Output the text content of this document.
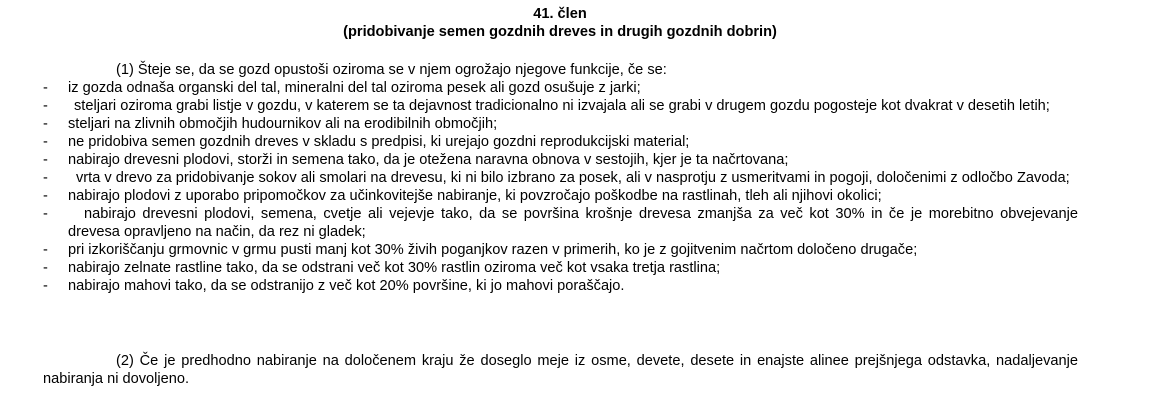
41. člen
(pridobivanje semen gozdnih dreves in drugih gozdnih dobrin)

(1) Šteje se, da se gozd opustoši oziroma se v njem ogrožajo njegove funkcije, če se:

- iz gozda odnaša organski del tal, mineralni del tal oziroma pesek ali gozd osušuje z jarki;
-	steljari oziroma grabi listje v gozdu, v katerem se ta dejavnost tradicionalno ni izvajala ali se grabi v drugem gozdu pogosteje kot dvakrat v desetih letih;
- steljari na zlivnih območjih hudournikov ali na erodibilnih območjih;
- ne pridobiva semen gozdnih dreves v skladu s predpisi, ki urejajo gozdni reprodukcijski material;
- nabirajo drevesni plodovi, storži in semena tako, da je otežena naravna obnova v sestojih, kjer je ta načrtovana;
-	vrta v drevo za pridobivanje sokov ali smolari na drevesu, ki ni bilo izbrano za posek, ali v nasprotju z usmeritvami in pogoji, določenimi z odločbo Zavoda;
- nabirajo plodovi z uporabo pripomočkov za učinkovitejše nabiranje, ki povzročajo poškodbe na rastlinah, tleh ali njihovi okolici;
-	nabirajo drevesni plodovi, semena, cvetje ali vejevje tako, da se površina krošnje drevesa zmanjša za več kot 30% in če je morebitno obvejevanje drevesa opravljeno na način, da rez ni gladek;
- pri izkoriščanju grmovnic v grmu pusti manj kot 30% živih poganjkov razen v primerih, ko je z gojitvenim načrtom določeno drugače;
- nabirajo zelnate rastline tako, da se odstrani več kot 30% rastlin oziroma več kot vsaka tretja rastlina;
- nabirajo mahovi tako, da se odstranijo z več kot 20% površine, ki jo mahovi poraščajo.

(2) Če je predhodno nabiranje na določenem kraju že doseglo meje iz osme, devete, desete in enajste alinee prejšnjega odstavka, nadaljevanje nabiranja ni dovoljeno.
